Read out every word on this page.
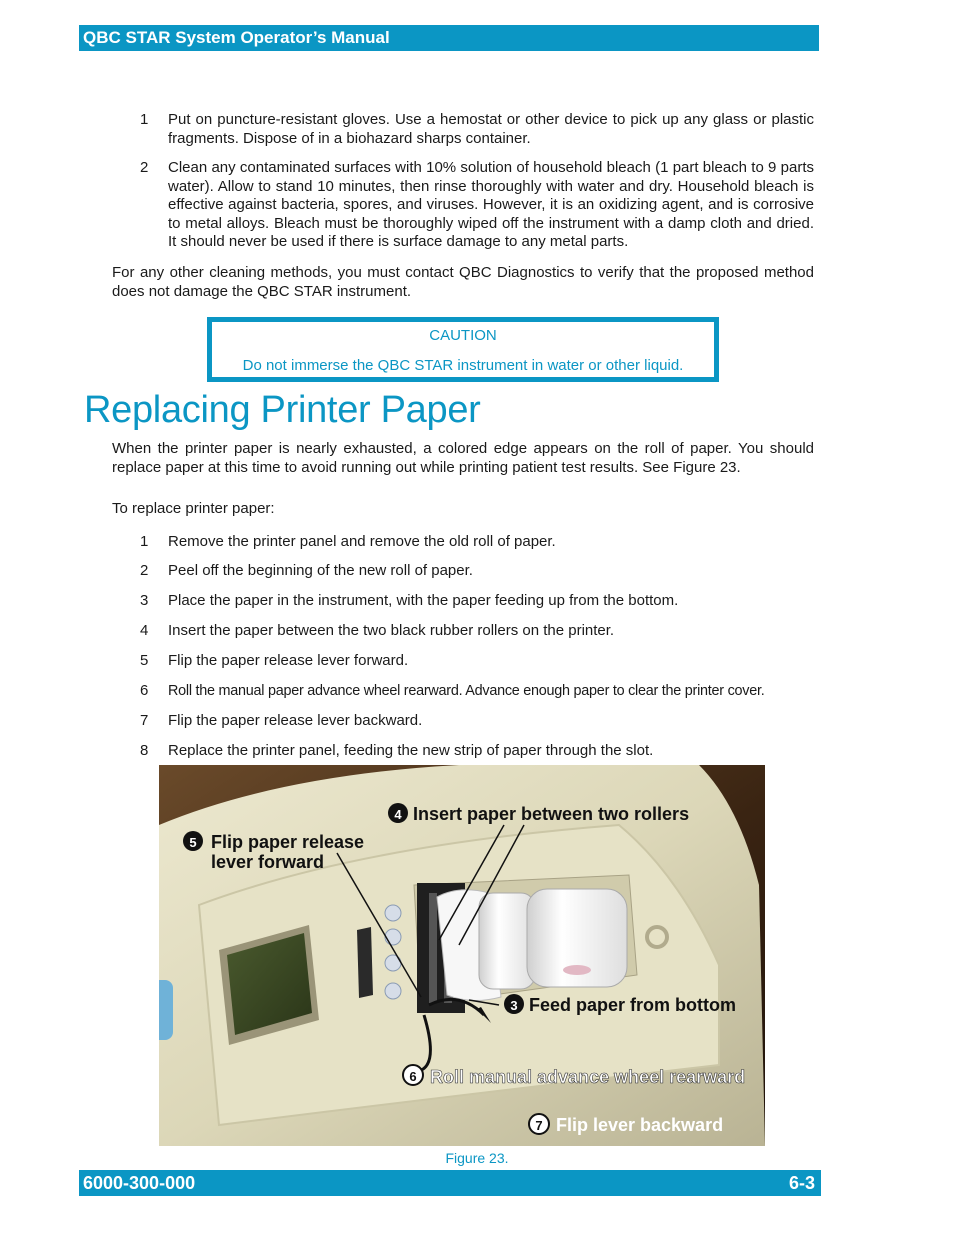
QBC STAR System Operator’s Manual
1	Put on puncture-resistant gloves. Use a hemostat or other device to pick up any glass or plastic fragments. Dispose of in a biohazard sharps container.
2	Clean any contaminated surfaces with 10% solution of household bleach (1 part bleach to 9 parts water). Allow to stand 10 minutes, then rinse thoroughly with water and dry. Household bleach is effective against bacteria, spores, and viruses. However, it is an oxidizing agent, and is corrosive to metal alloys. Bleach must be thoroughly wiped off the instrument with a damp cloth and dried. It should never be used if there is surface damage to any metal parts.
For any other cleaning methods, you must contact QBC Diagnostics to verify that the proposed method does not damage the QBC STAR instrument.
CAUTION
Do not immerse the QBC STAR instrument in water or other liquid.
Replacing Printer Paper
When the printer paper is nearly exhausted, a colored edge appears on the roll of paper. You should replace paper at this time to avoid running out while printing patient test results. See Figure 23.
To replace printer paper:
1	Remove the printer panel and remove the old roll of paper.
2	Peel off the beginning of the new roll of paper.
3	Place the paper in the instrument, with the paper feeding up from the bottom.
4	Insert the paper between the two black rubber rollers on the printer.
5	Flip the paper release lever forward.
6	Roll the manual paper advance wheel rearward. Advance enough paper to clear the printer cover.
7	Flip the paper release lever backward.
8	Replace the printer panel, feeding the new strip of paper through the slot.
4 Insert paper between two rollers
5 Flip paper release
lever forward
3 Feed paper from bottom
6 Roll manual advance wheel rearward
7 Flip lever backward
Figure 23.
6000-300-000	6-3
